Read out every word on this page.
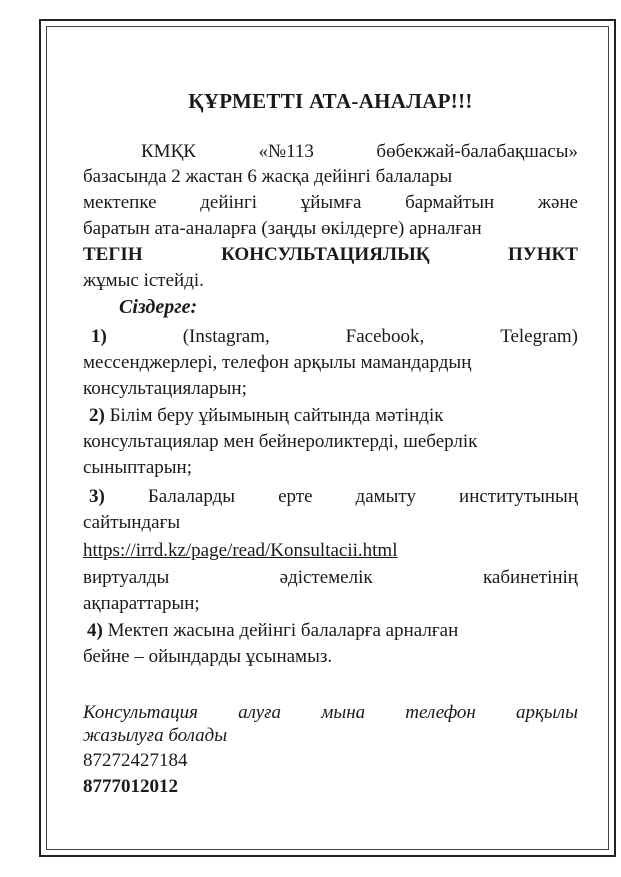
ҚҰРМЕТТІ АТА-АНАЛАР!!!
КМҚК	«№113	бөбекжай-балабақшасы»
базасында 2 жастан 6 жасқа дейінгі балалары
мектепке дейінгі ұйымға бармайтын және
баратын ата-аналарға (заңды өкілдерге) арналған
ТЕГІН	КОНСУЛЬТАЦИЯЛЫҚ	ПУНКТ
жұмыс істейді.
Сіздерге:
1)	(Instagram,	Facebook,	Telegram)
мессенджерлері, телефон арқылы мамандардың
консультацияларын;
2) Білім беру ұйымының сайтында мәтіндік
консультациялар мен бейнероликтерді, шеберлік
сыныптарын;
3) Балаларды ерте дамыту институтының
сайтындағы
https://irrd.kz/page/read/Konsultacii.html
виртуалды	әдістемелік	кабинетінің
ақпараттарын;
4) Мектеп жасына дейінгі балаларға арналған
бейне – ойындарды ұсынамыз.
Консультация алуға мына телефон арқылы
жазылуға болады
87272427184
8777012012
